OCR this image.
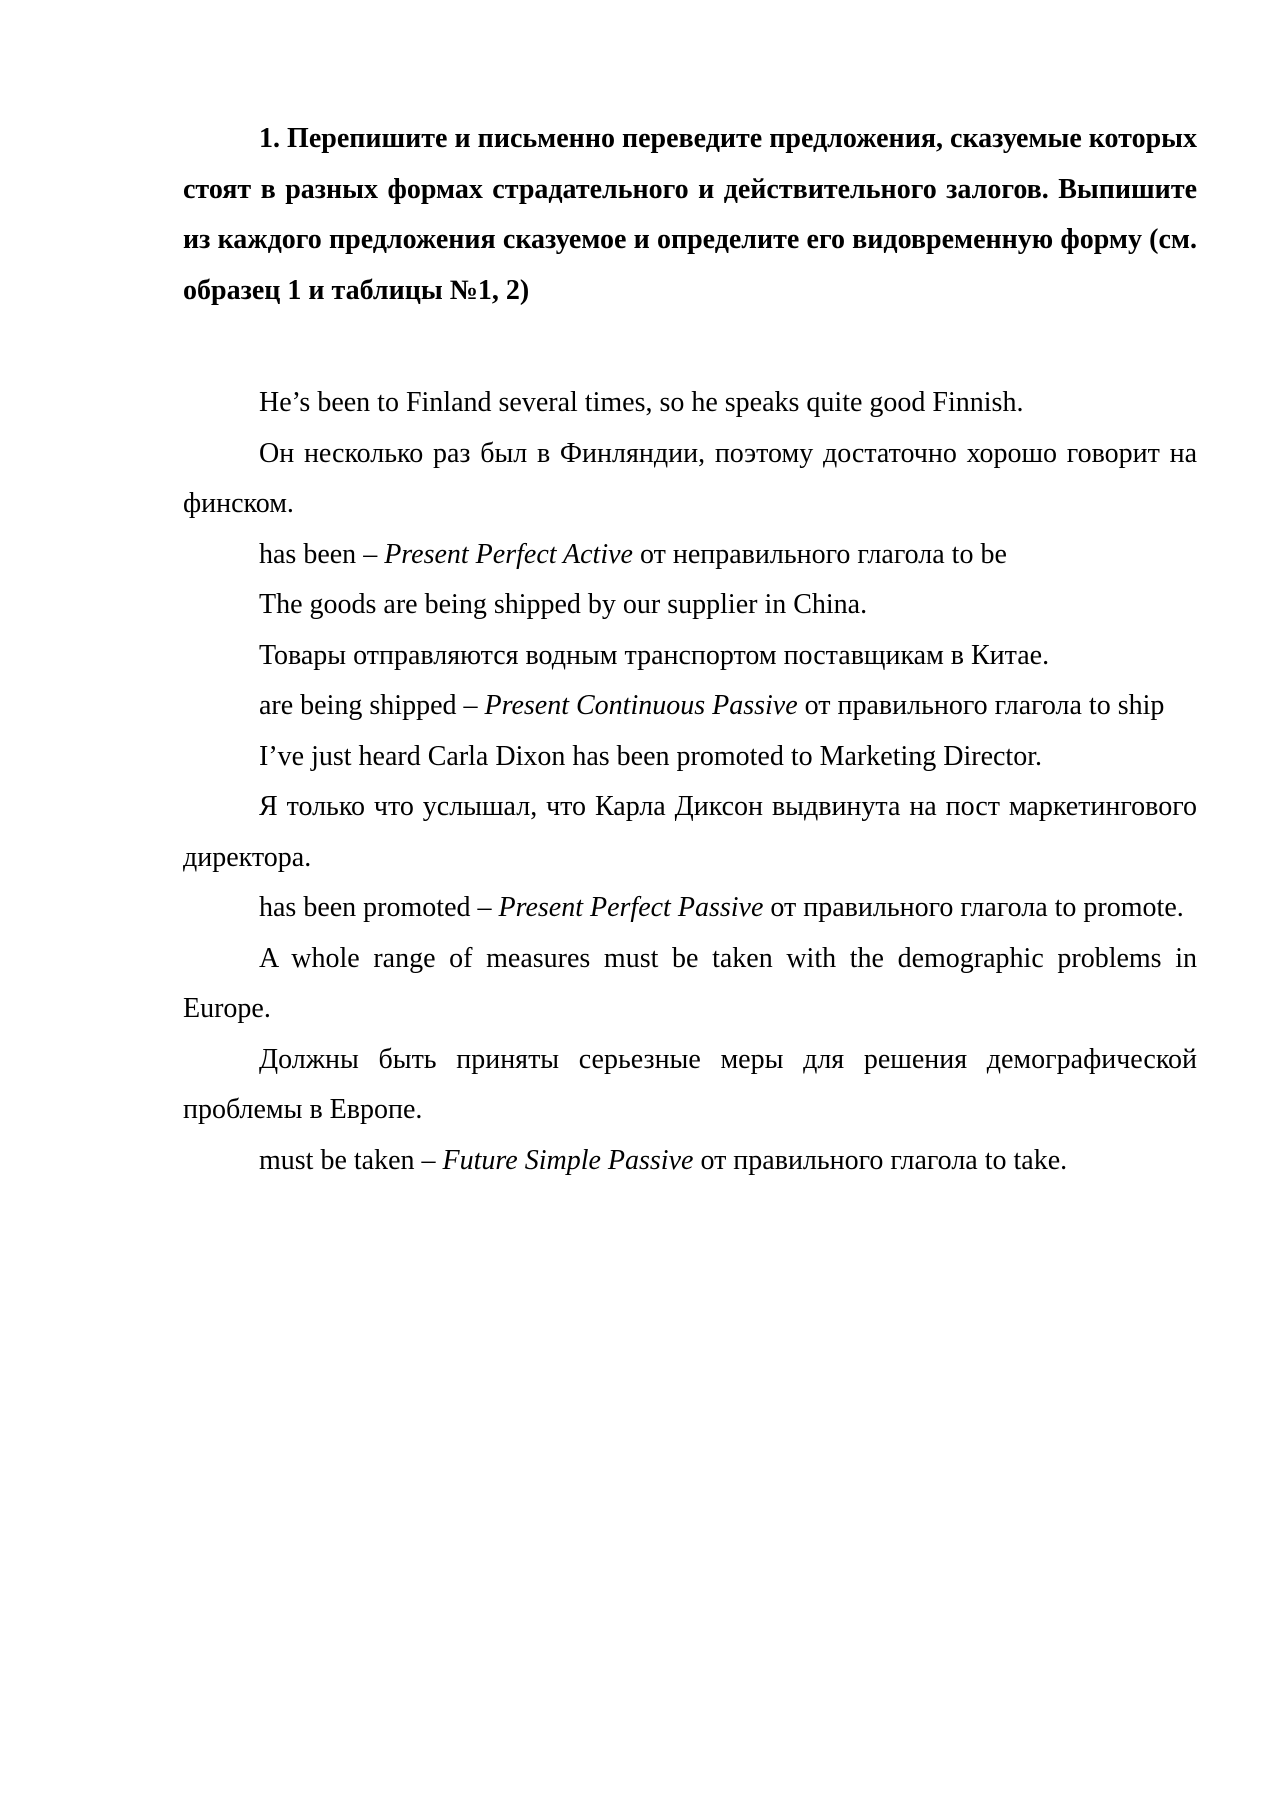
1. Перепишите и письменно переведите предложения, сказуемые которых стоят в разных формах страдательного и действительного залогов. Выпишите из каждого предложения сказуемое и определите его видовременную форму (см. образец 1 и таблицы №1, 2)

He’s been to Finland several times, so he speaks quite good Finnish.

Он несколько раз был в Финляндии, поэтому достаточно хорошо говорит на финском.

has been – Present Perfect Active от неправильного глагола to be

The goods are being shipped by our supplier in China.

Товары отправляются водным транспортом поставщикам в Китае.

are being shipped – Present Continuous Passive от правильного глагола to ship

I’ve just heard Carla Dixon has been promoted to Marketing Director.

Я только что услышал, что Карла Диксон выдвинута на пост маркетингового директора.

has been promoted – Present Perfect Passive от правильного глагола to promote.

A whole range of measures must be taken with the demographic problems in Europe.

Должны быть приняты серьезные меры для решения демографической проблемы в Европе.

must be taken – Future Simple Passive от правильного глагола to take.
